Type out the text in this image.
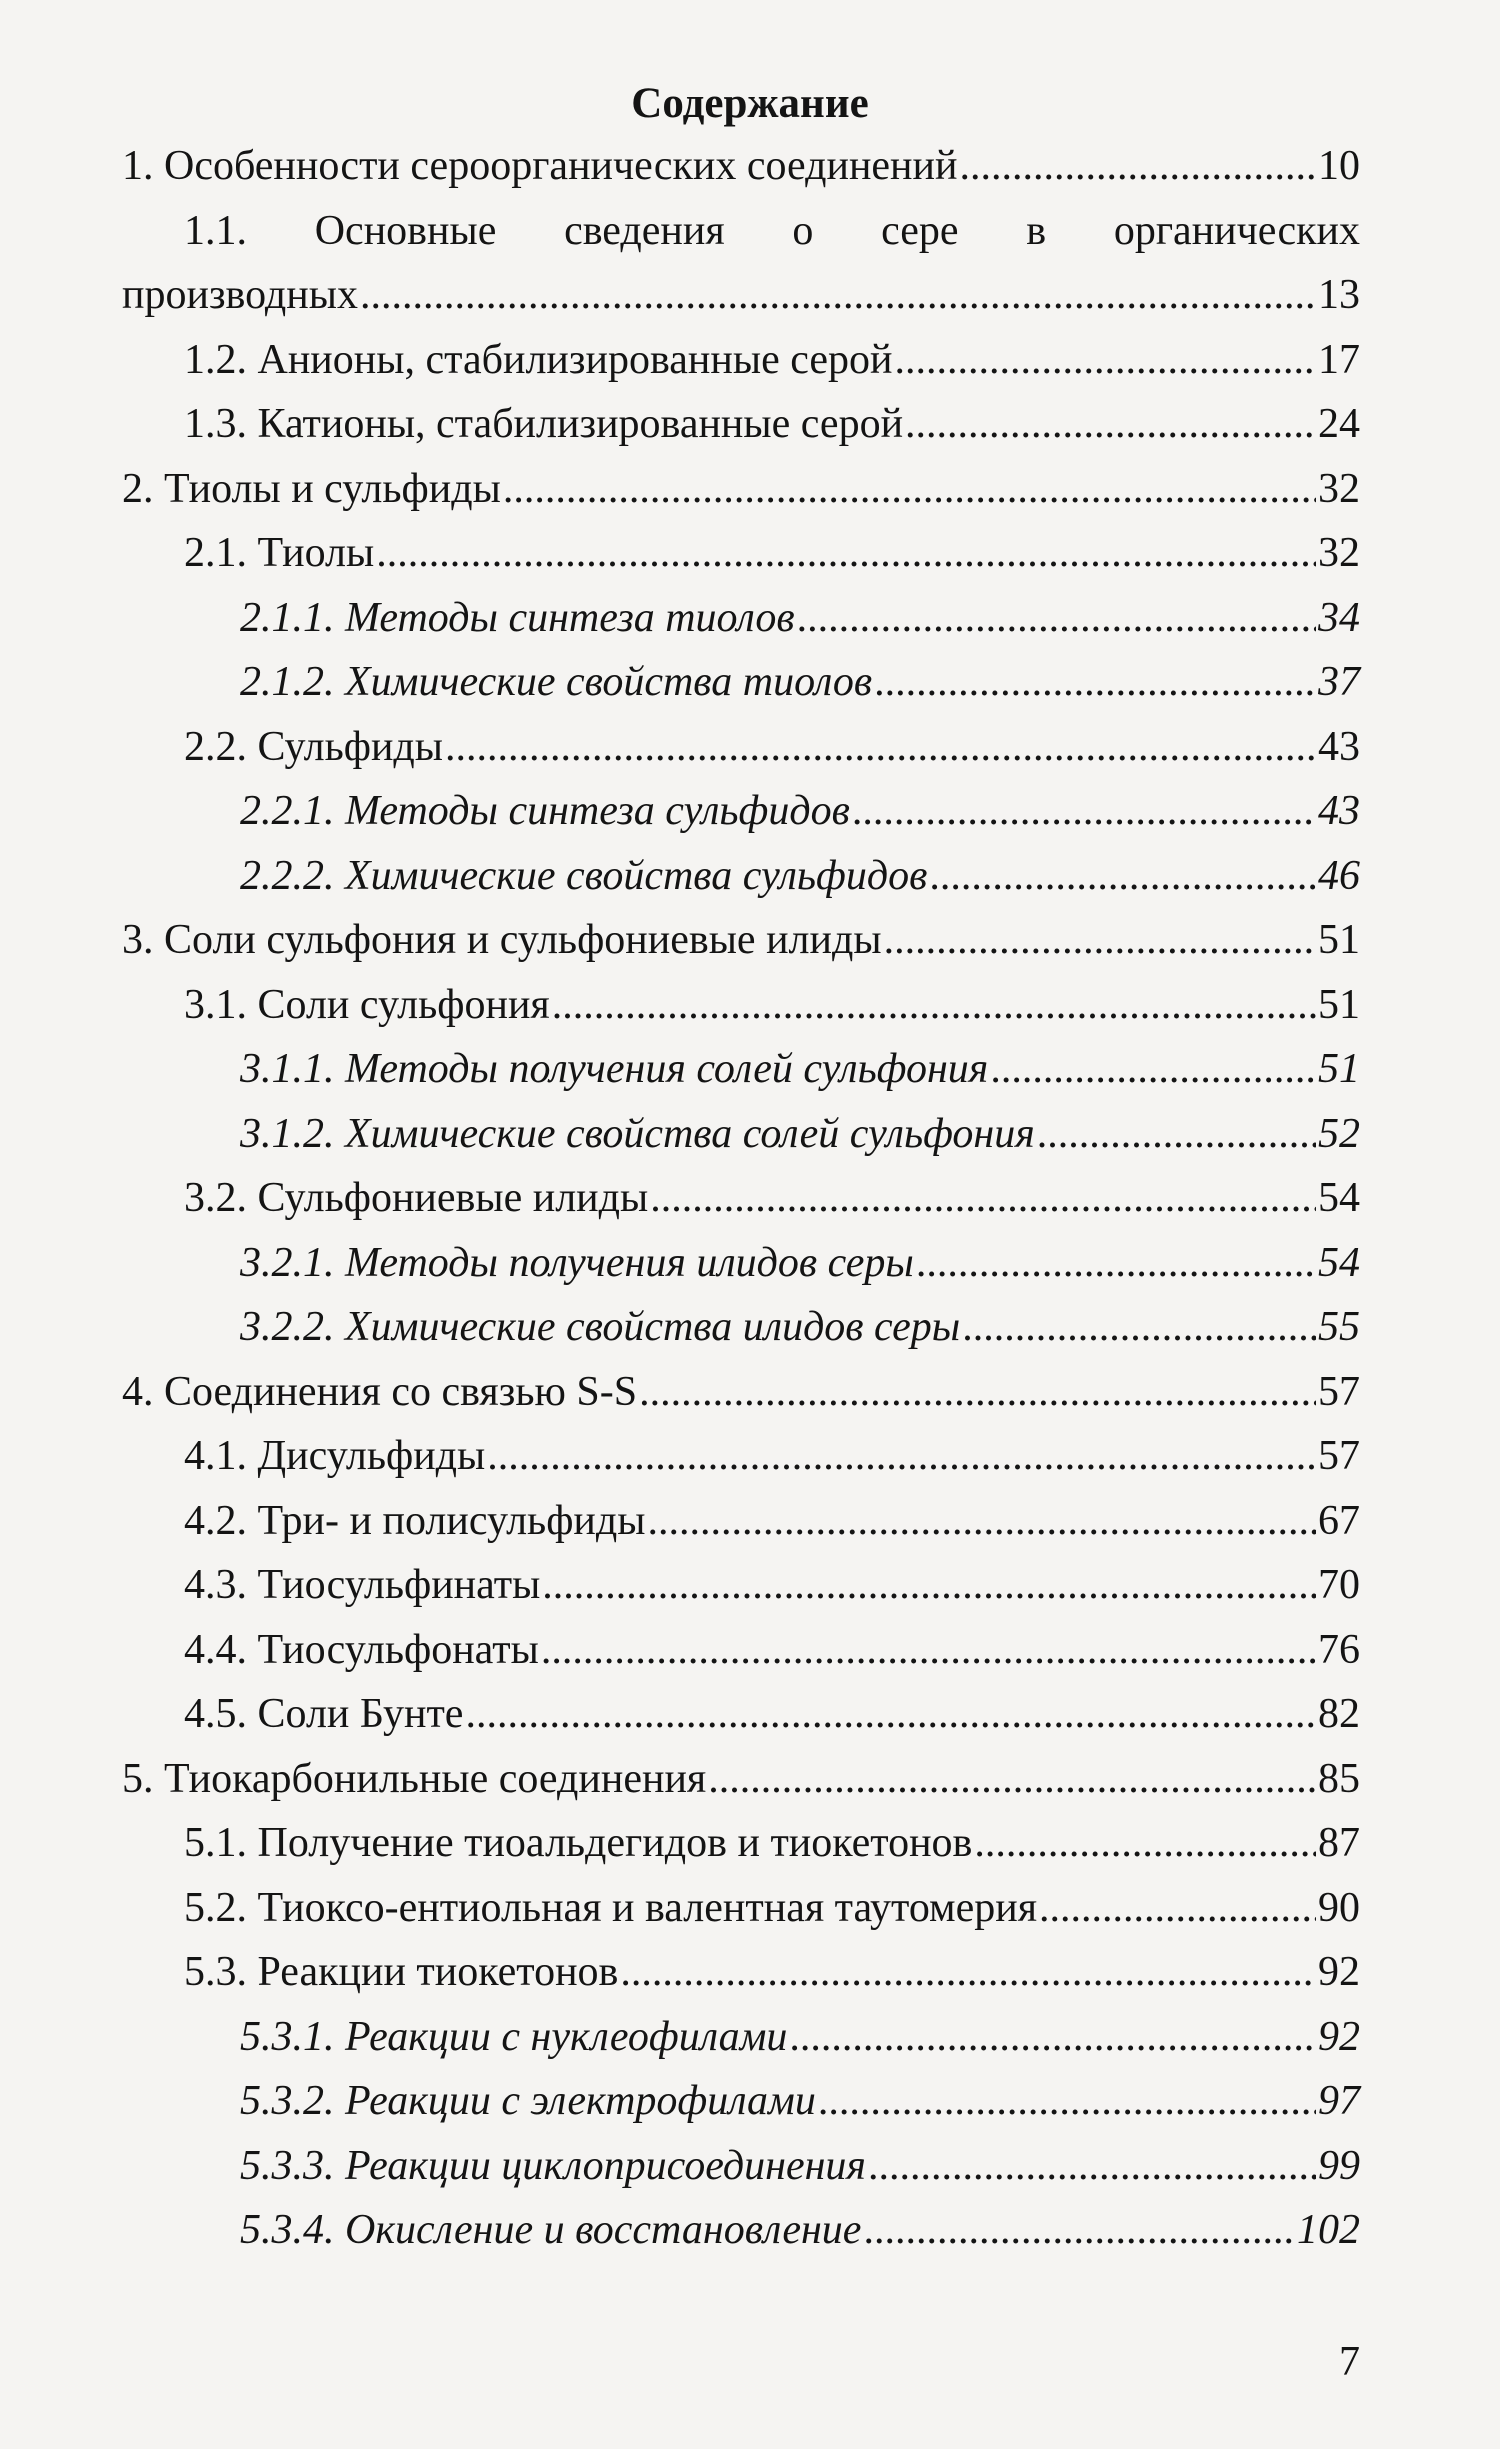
Содержание
1. Особенности сероорганических соединений .....	10
1.1. Основные сведения о сере в органических
производных .....	13
1.2. Анионы, стабилизированные серой .....	17
1.3. Катионы, стабилизированные серой .....	24
2. Тиолы и сульфиды .....	32
2.1. Тиолы .....	32
2.1.1. Методы синтеза тиолов .....	34
2.1.2. Химические свойства тиолов .....	37
2.2. Сульфиды .....	43
2.2.1. Методы синтеза сульфидов .....	43
2.2.2. Химические свойства сульфидов .....	46
3. Соли сульфония и сульфониевые илиды .....	51
3.1. Соли сульфония .....	51
3.1.1. Методы получения солей сульфония .....	51
3.1.2. Химические свойства солей сульфония .....	52
3.2. Сульфониевые илиды .....	54
3.2.1. Методы получения илидов серы .....	54
3.2.2. Химические свойства илидов серы .....	55
4. Соединения со связью S-S .....	57
4.1. Дисульфиды .....	57
4.2. Три- и полисульфиды .....	67
4.3. Тиосульфинаты .....	70
4.4. Тиосульфонаты .....	76
4.5. Соли Бунте .....	82
5. Тиокарбонильные соединения .....	85
5.1. Получение тиоальдегидов и тиокетонов .....	87
5.2. Тиоксо-ентиольная и валентная таутомерия .....	90
5.3. Реакции тиокетонов .....	92
5.3.1. Реакции с нуклеофилами .....	92
5.3.2. Реакции с электрофилами .....	97
5.3.3. Реакции циклоприсоединения .....	99
5.3.4. Окисление и восстановление .....	102
7
